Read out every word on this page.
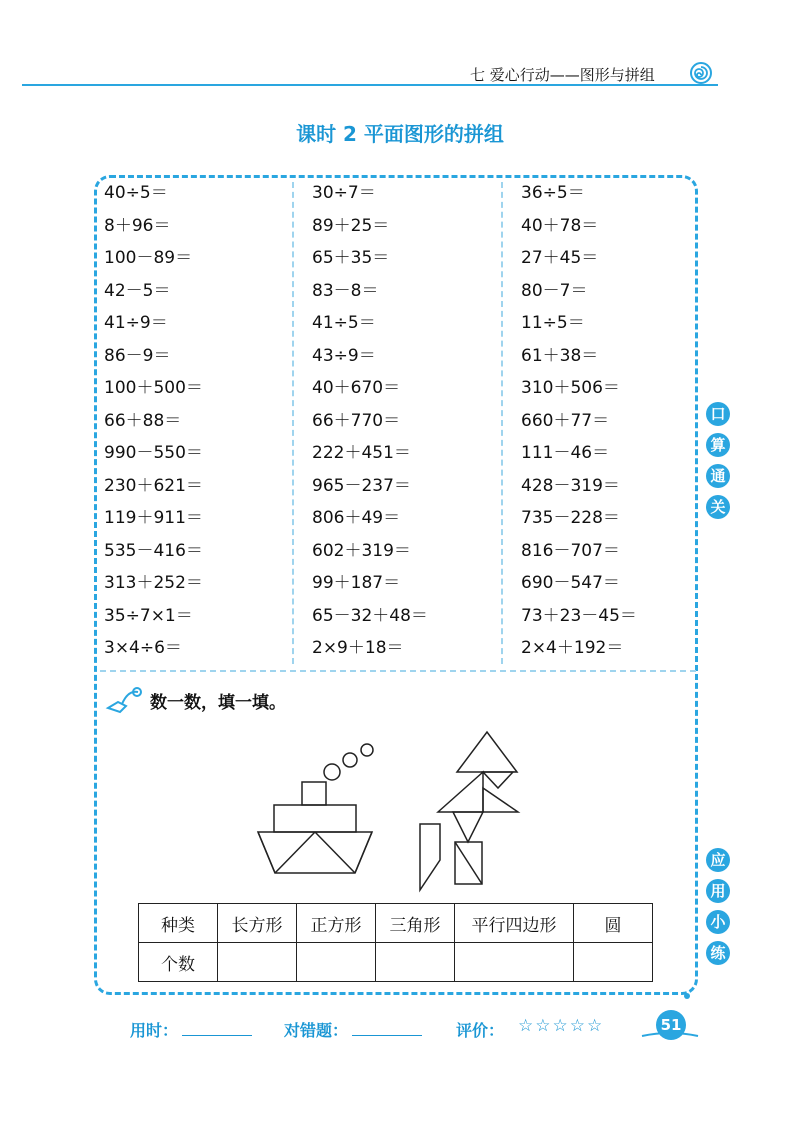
七 爱心行动——图形与拼组
课时 2 平面图形的拼组
40÷5＝
8＋96＝
100－89＝
42－5＝
41÷9＝
86－9＝
100＋500＝
66＋88＝
990－550＝
230＋621＝
119＋911＝
535－416＝
313＋252＝
35÷7×1＝
3×4÷6＝
30÷7＝
89＋25＝
65＋35＝
83－8＝
41÷5＝
43÷9＝
40＋670＝
66＋770＝
222＋451＝
965－237＝
806＋49＝
602＋319＝
99＋187＝
65－32＋48＝
2×9＋18＝
36÷5＝
40＋78＝
27＋45＝
80－7＝
11÷5＝
61＋38＝
310＋506＝
660＋77＝
111－46＝
428－319＝
735－228＝
816－707＝
690－547＝
73＋23－45＝
2×4＋192＝
口
算
通
关
应
用
小
练
数一数，填一填。
种类	长方形	正方形	三角形	平行四边形	圆
个数					
用时：	对错题：	评价： ☆☆☆☆☆	51
